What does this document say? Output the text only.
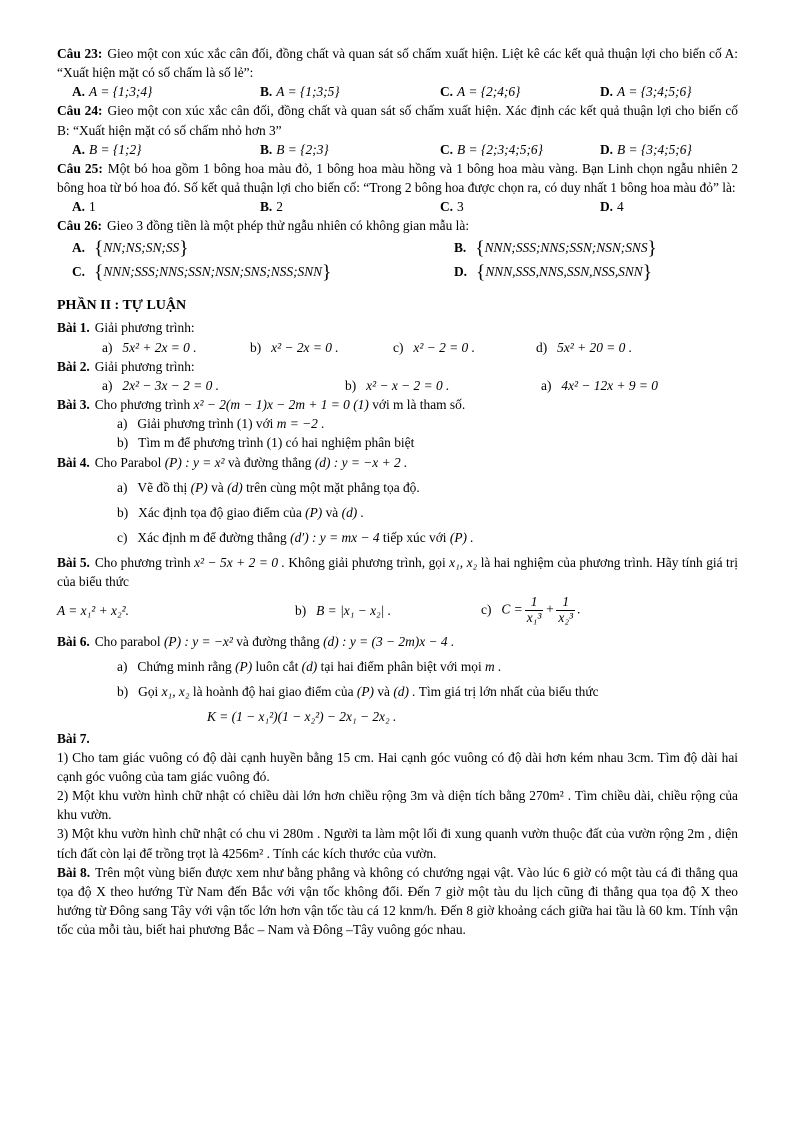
Câu 23: Gieo một con xúc xắc cân đối, đồng chất và quan sát số chấm xuất hiện. Liệt kê các kết quả thuận lợi cho biến cố A: “Xuất hiện mặt có số chấm là số lẻ”:

A. A = {1;3;4}	B. A = {1;3;5}	C. A = {2;4;6}	D. A = {3;4;5;6}

Câu 24: Gieo một con xúc xắc cân đối, đồng chất và quan sát số chấm xuất hiện. Xác định các kết quả thuận lợi cho biến cố B: “Xuất hiện mặt có số chấm nhỏ hơn 3”

A. B = {1;2}	B. B = {2;3}	C. B = {2;3;4;5;6}	D. B = {3;4;5;6}

Câu 25: Một bó hoa gồm 1 bông hoa màu đỏ, 1 bông hoa màu hồng và 1 bông hoa màu vàng. Bạn Linh chọn ngẫu nhiên 2 bông hoa từ bó hoa đó. Số kết quả thuận lợi cho biến cố: “Trong 2 bông hoa được chọn ra, có duy nhất 1 bông hoa màu đỏ” là:

A. 1	B. 2	C. 3	D. 4

Câu 26: Gieo 3 đồng tiền là một phép thử ngẫu nhiên có không gian mẫu là:

A. {NN;NS;SN;SS}	B. {NNN;SSS;NNS;SSN;NSN;SNS}
C. {NNN;SSS;NNS;SSN;NSN;SNS;NSS;SNN}	D. {NNN,SSS,NNS,SSN,NSS,SNN}
PHẦN II : TỰ LUẬN

Bài 1. Giải phương trình:

a) 5x² + 2x = 0 .	b) x² − 2x = 0 .	c) x² − 2 = 0 .	d) 5x² + 20 = 0 .

Bài 2. Giải phương trình:

a) 2x² − 3x − 2 = 0 .	b) x² − x − 2 = 0 .	a) 4x² − 12x + 9 = 0

Bài 3. Cho phương trình x² − 2(m − 1)x − 2m + 1 = 0 (1) với m là tham số.

a) Giải phương trình (1) với m = −2 .

b) Tìm m để phương trình (1) có hai nghiệm phân biệt

Bài 4. Cho Parabol (P) : y = x² và đường thẳng (d) : y = −x + 2 .

a) Vẽ đồ thị (P) và (d) trên cùng một mặt phẳng tọa độ.

b) Xác định tọa độ giao điểm của (P) và (d) .

c) Xác định m để đường thẳng (d′) : y = mx − 4 tiếp xúc với (P) .

Bài 5. Cho phương trình x² − 5x + 2 = 0 . Không giải phương trình, gọi x₁, x₂ là hai nghiệm của phương trình. Hãy tính giá trị của biểu thức

A = x₁² + x₂².	b) B = |x₁ − x₂| .	c) $C = \frac{1}{\text{x₁³}} + \frac{1}{\text{x₂³}}$ .

Bài 6. Cho parabol (P) : y = −x² và đường thẳng (d) : y = (3 − 2m)x − 4 .

a) Chứng minh rằng (P) luôn cắt (d) tại hai điểm phân biệt với mọi m .

b) Gọi x₁, x₂ là hoành độ hai giao điểm của (P) và (d) . Tìm giá trị lớn nhất của biểu thức

K = (1 − x₁²)(1 − x₂²) − 2x₁ − 2x₂ .

Bài 7.

1) Cho tam giác vuông có độ dài cạnh huyền bằng 15 cm. Hai cạnh góc vuông có độ dài hơn kém nhau 3cm. Tìm độ dài hai cạnh góc vuông của tam giác vuông đó.

2) Một khu vườn hình chữ nhật có chiều dài lớn hơn chiều rộng 3m và diện tích bằng 270m² . Tìm chiều dài, chiều rộng của khu vườn.

3) Một khu vườn hình chữ nhật có chu vi 280m . Người ta làm một lối đi xung quanh vườn thuộc đất của vườn rộng 2m , diện tích đất còn lại để trồng trọt là 4256m² . Tính các kích thước của vườn.

Bài 8. Trên một vùng biển được xem như bằng phẳng và không có chướng ngại vật. Vào lúc 6 giờ có một tàu cá đi thẳng qua tọa độ X theo hướng Từ Nam đến Bắc với vận tốc không đổi. Đến 7 giờ một tàu du lịch cũng đi thẳng qua tọa độ X theo hướng từ Đông sang Tây với vận tốc lớn hơn vận tốc tàu cá 12 knm/h. Đến 8 giờ khoảng cách giữa hai tầu là 60 km. Tính vận tốc của mỗi tàu, biết hai phương Bắc – Nam và Đông –Tây vuông góc nhau.
